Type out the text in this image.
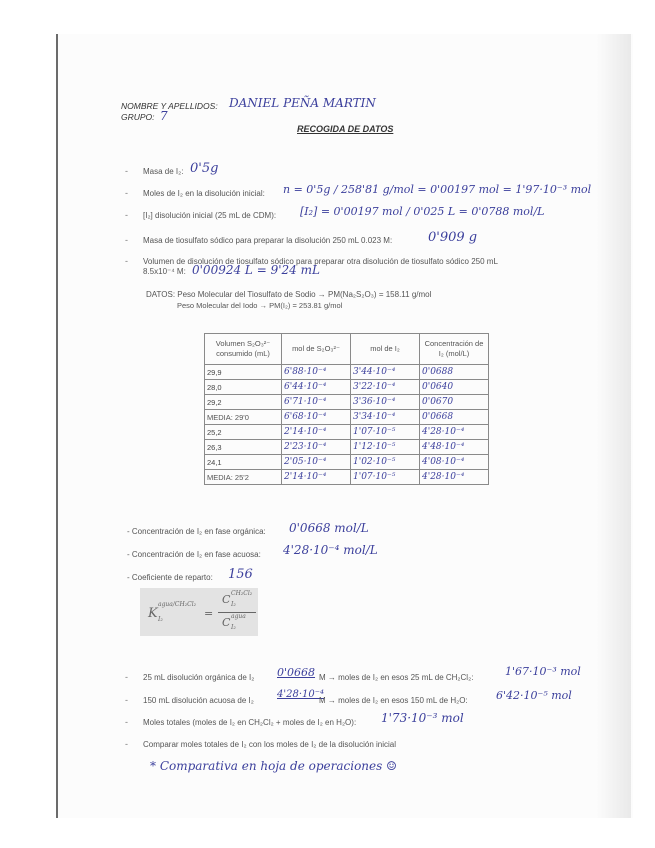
NOMBRE Y APELLIDOS: DANIEL PEÑA MARTIN
GRUPO: 7
RECOGIDA DE DATOS
- Masa de I₂: 0'5g
- Moles de I₂ en la disolución inicial: n = 0'5g / 258'81 g/mol = 0'00197 mol = 1'97·10⁻³ mol
- [I₂] disolución inicial (25 mL de CDM): [I₂] = 0'00197 mol / 0'025 L = 0'0788 mol/L
- Masa de tiosulfato sódico para preparar la disolución 250 mL 0.023 M:	0'909 g
- Volumen de disolución de tiosulfato sódico para preparar otra disolución de tiosulfato sódico 250 mL
8.5x10⁻⁴ M: 0'00924 L = 9'24 mL
DATOS: Peso Molecular del Tiosulfato de Sodio → PM(Na₂S₂O₃) = 158.11 g/mol
Peso Molecular del Iodo → PM(I₂) = 253.81 g/mol
Volumen S₂O₃²⁻ consumido (mL)	mol de S₂O₃²⁻	mol de I₂	Concentración de I₂ (mol/L)
29,9	6'88·10⁻⁴	3'44·10⁻⁴	0'0688
28,0	6'44·10⁻⁴	3'22·10⁻⁴	0'0640
29,2	6'71·10⁻⁴	3'36·10⁻⁴	0'0670
MEDIA: 29'0	6'68·10⁻⁴	3'34·10⁻⁴	0'0668
25,2	2'14·10⁻⁴	1'07·10⁻⁵	4'28·10⁻⁴
26,3	2'23·10⁻⁴	1'12·10⁻⁵	4'48·10⁻⁴
24,1	2'05·10⁻⁴	1'02·10⁻⁵	4'08·10⁻⁴
MEDIA: 25'2	2'14·10⁻⁴	1'07·10⁻⁵	4'28·10⁻⁴
- Concentración de I₂ en fase orgánica: 0'0668 mol/L
- Concentración de I₂ en fase acuosa: 4'28·10⁻⁴ mol/L
- Coeficiente de reparto: 156
K
agua/CH₂Cl₂
I₂	=
C CH₂Cl₂
I₂
C agua
I₂
- 25 mL disolución orgánica de I₂ 0'0668 M → moles de I₂ en esos 25 mL de CH₂Cl₂:	1'67·10⁻³ mol
- 150 mL disolución acuosa de I₂
4'28·10⁻⁴
M → moles de I₂ en esos 150 mL de H₂O:	6'42·10⁻⁵ mol
- Moles totales (moles de I₂ en CH₂Cl₂ + moles de I₂ en H₂O): 1'73·10⁻³ mol
- Comparar moles totales de I₂ con los moles de I₂ de la disolución inicial
* Comparativa en hoja de operaciones ☺
